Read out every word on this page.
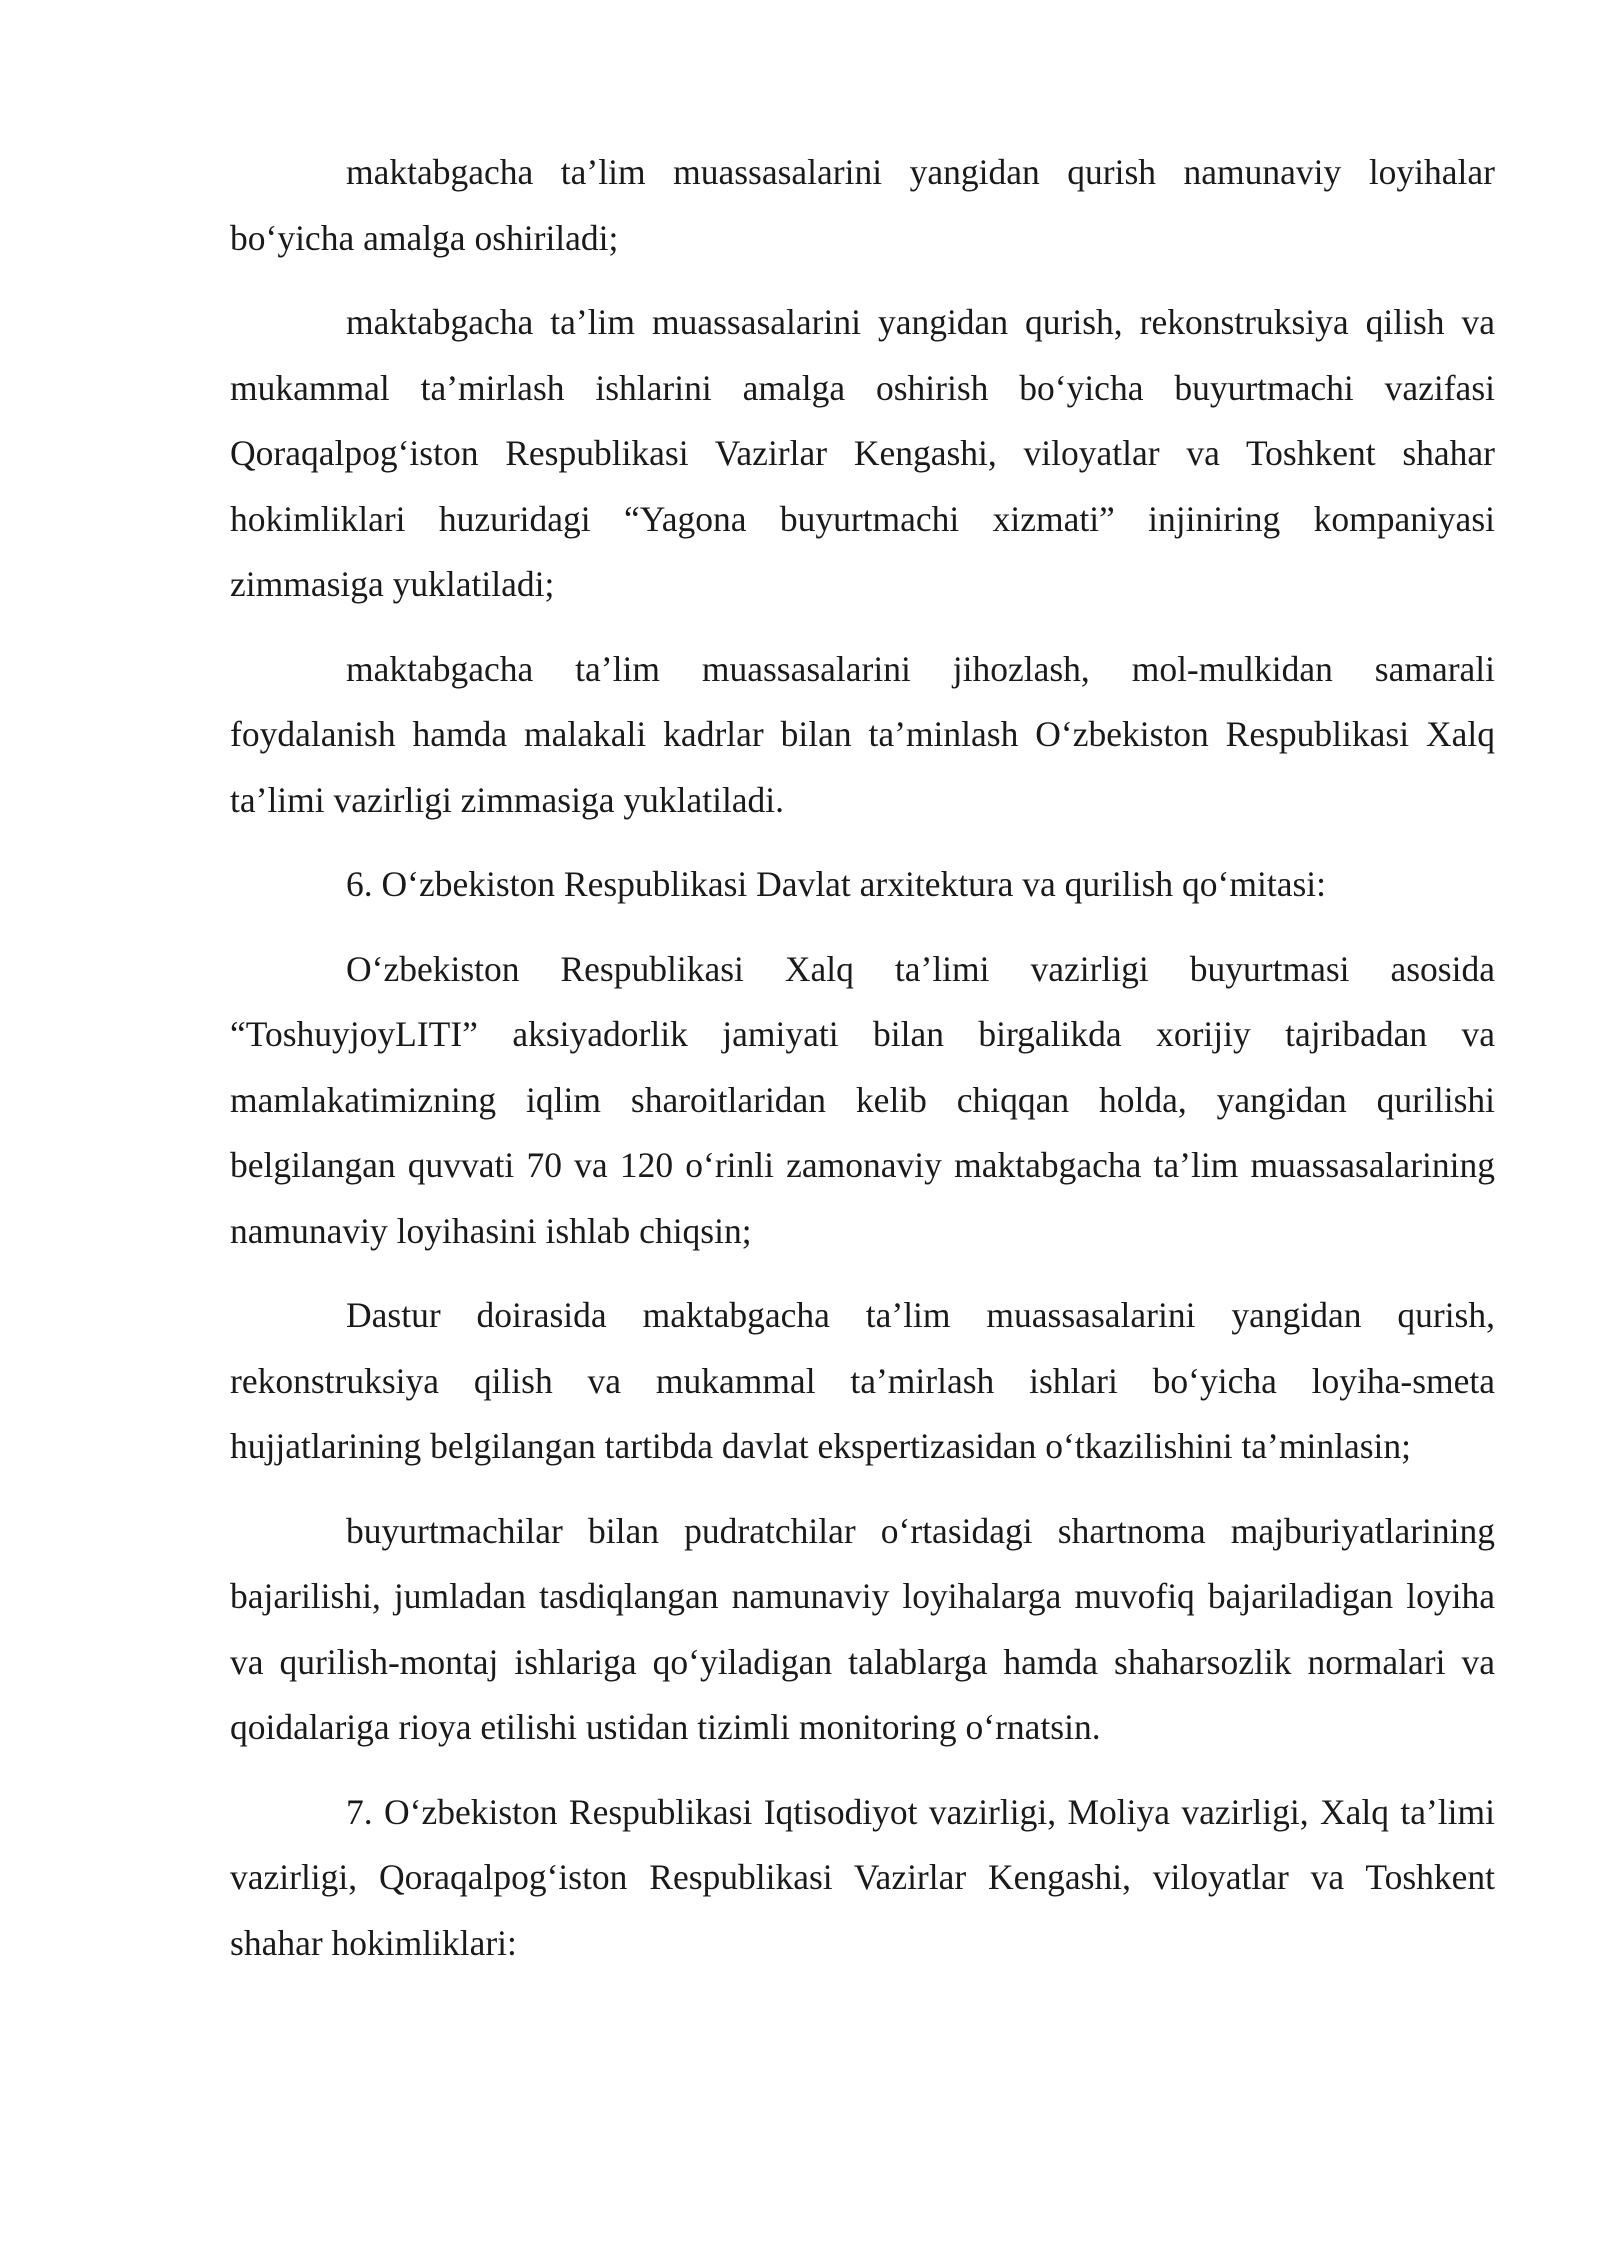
maktabgacha ta’lim muassasalarini yangidan qurish namunaviy loyihalar bo‘yicha amalga oshiriladi;

maktabgacha ta’lim muassasalarini yangidan qurish, rekonstruksiya qilish va mukammal ta’mirlash ishlarini amalga oshirish bo‘yicha buyurtmachi vazifasi Qoraqalpog‘iston Respublikasi Vazirlar Kengashi, viloyatlar va Toshkent shahar hokimliklari huzuridagi “Yagona buyurtmachi xizmati” injiniring kompaniyasi zimmasiga yuklatiladi;

maktabgacha ta’lim muassasalarini jihozlash, mol-mulkidan samarali foydalanish hamda malakali kadrlar bilan ta’minlash O‘zbekiston Respublikasi Xalq ta’limi vazirligi zimmasiga yuklatiladi.

6. O‘zbekiston Respublikasi Davlat arxitektura va qurilish qo‘mitasi:

O‘zbekiston Respublikasi Xalq ta’limi vazirligi buyurtmasi asosida “ToshuyjoyLITI” aksiyadorlik jamiyati bilan birgalikda xorijiy tajribadan va mamlakatimizning iqlim sharoitlaridan kelib chiqqan holda, yangidan qurilishi belgilangan quvvati 70 va 120 o‘rinli zamonaviy maktabgacha ta’lim muassasalarining namunaviy loyihasini ishlab chiqsin;

Dastur doirasida maktabgacha ta’lim muassasalarini yangidan qurish, rekonstruksiya qilish va mukammal ta’mirlash ishlari bo‘yicha loyiha-smeta hujjatlarining belgilangan tartibda davlat ekspertizasidan o‘tkazilishini ta’minlasin;

buyurtmachilar bilan pudratchilar o‘rtasidagi shartnoma majburiyatlarining bajarilishi, jumladan tasdiqlangan namunaviy loyihalarga muvofiq bajariladigan loyiha va qurilish-montaj ishlariga qo‘yiladigan talablarga hamda shaharsozlik normalari va qoidalariga rioya etilishi ustidan tizimli monitoring o‘rnatsin.

7. O‘zbekiston Respublikasi Iqtisodiyot vazirligi, Moliya vazirligi, Xalq ta’limi vazirligi, Qoraqalpog‘iston Respublikasi Vazirlar Kengashi, viloyatlar va Toshkent shahar hokimliklari:
